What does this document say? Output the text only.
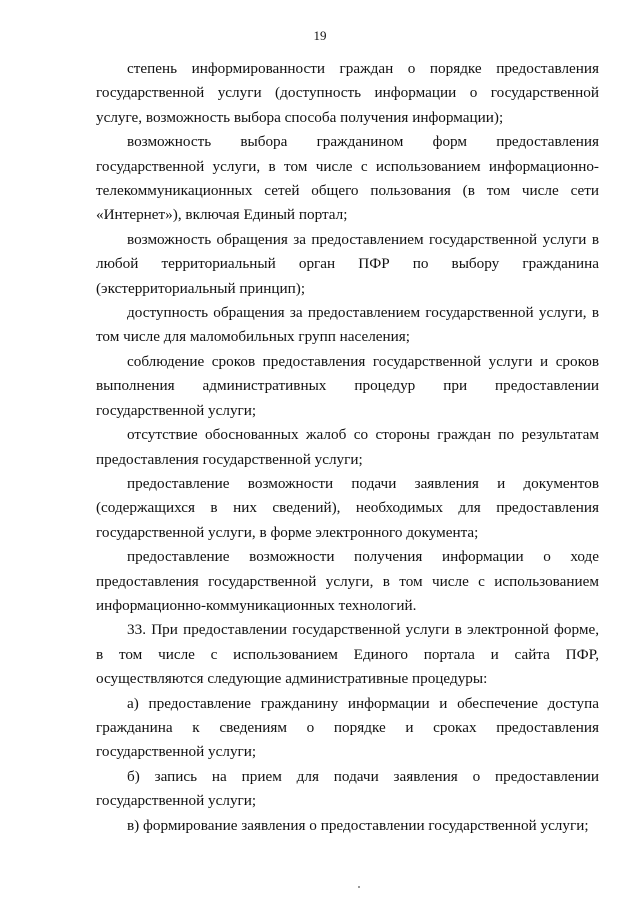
19

степень информированности граждан о порядке предоставления государственной услуги (доступность информации о государственной услуге, возможность выбора способа получения информации);

возможность выбора гражданином форм предоставления государственной услуги, в том числе с использованием информационно-телекоммуникационных сетей общего пользования (в том числе сети «Интернет»), включая Единый портал;

возможность обращения за предоставлением государственной услуги в любой территориальный орган ПФР по выбору гражданина (экстерриториальный принцип);

доступность обращения за предоставлением государственной услуги, в том числе для маломобильных групп населения;

соблюдение сроков предоставления государственной услуги и сроков выполнения административных процедур при предоставлении государственной услуги;

отсутствие обоснованных жалоб со стороны граждан по результатам предоставления государственной услуги;

предоставление возможности подачи заявления и документов (содержащихся в них сведений), необходимых для предоставления государственной услуги, в форме электронного документа;

предоставление возможности получения информации о ходе предоставления государственной услуги, в том числе с использованием информационно-коммуникационных технологий.

33. При предоставлении государственной услуги в электронной форме, в том числе с использованием Единого портала и сайта ПФР, осуществляются следующие административные процедуры:

а) предоставление гражданину информации и обеспечение доступа гражданина к сведениям о порядке и сроках предоставления государственной услуги;

б) запись на прием для подачи заявления о предоставлении государственной услуги;

в) формирование заявления о предоставлении государственной услуги;
